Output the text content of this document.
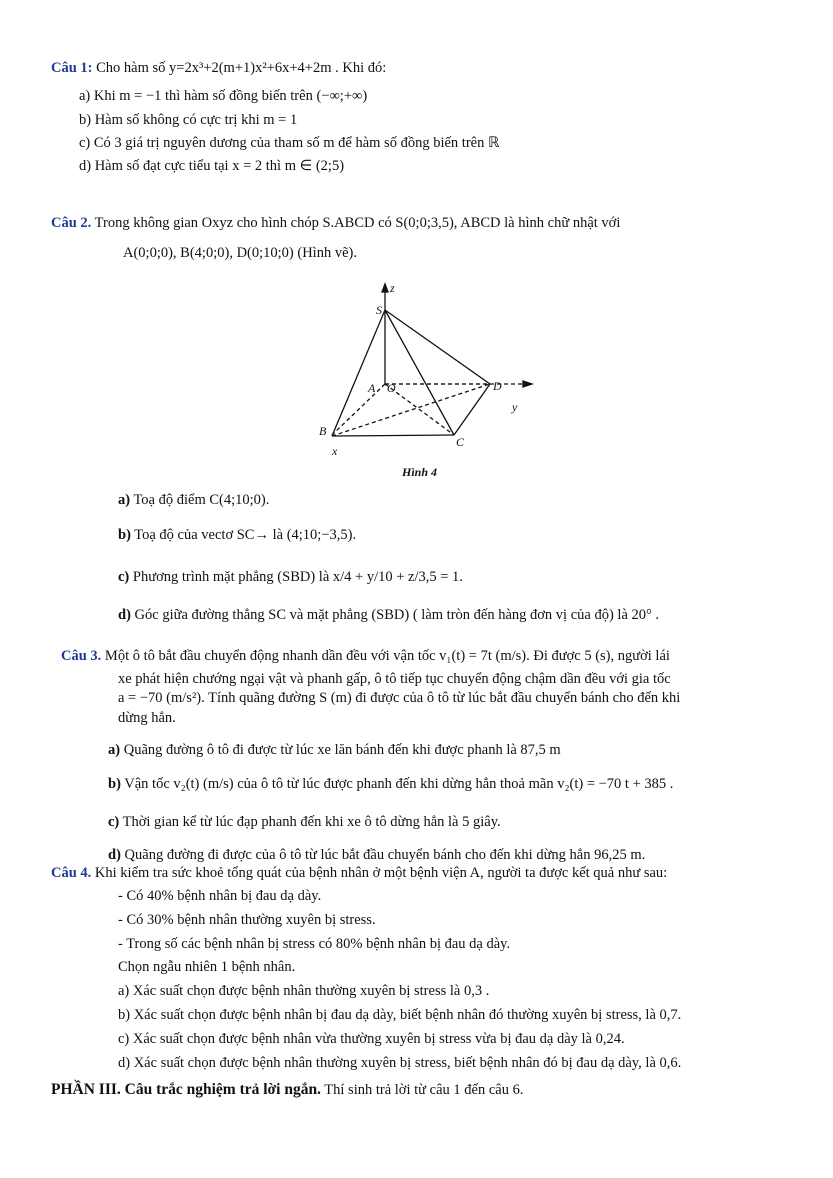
Câu 1: Cho hàm số y=2x³+2(m+1)x²+6x+4+2m . Khi đó:
a) Khi m = −1 thì hàm số đồng biến trên (−∞;+∞)
b) Hàm số không có cực trị khi m = 1
c) Có 3 giá trị nguyên dương của tham số m để hàm số đồng biến trên ℝ
d) Hàm số đạt cực tiểu tại x = 2 thì m ∈ (2;5)
Câu 2. Trong không gian Oxyz cho hình chóp S.ABCD có S(0;0;3,5), ABCD là hình chữ nhật với
A(0;0;0), B(4;0;0), D(0;10;0) (Hình vẽ).
z
S
A O	D
y
B
C
x
Hình 4
a) Toạ độ điểm C(4;10;0).
b) Toạ độ của vectơ SC→ là (4;10;−3,5).
c) Phương trình mặt phẳng (SBD) là x/4 + y/10 + z/3,5 = 1.
d) Góc giữa đường thẳng SC và mặt phẳng (SBD) ( làm tròn đến hàng đơn vị của độ) là 20° .
Câu 3. Một ô tô bắt đầu chuyển động nhanh dần đều với vận tốc v₁(t) = 7t (m/s). Đi được 5 (s), người lái
xe phát hiện chướng ngại vật và phanh gấp, ô tô tiếp tục chuyển động chậm dần đều với gia tốc
a = −70 (m/s²). Tính quãng đường S (m) đi được của ô tô từ lúc bắt đầu chuyển bánh cho đến khi
dừng hẳn.
a) Quãng đường ô tô đi được từ lúc xe lăn bánh đến khi được phanh là 87,5 m
b) Vận tốc v₂(t) (m/s) của ô tô từ lúc được phanh đến khi dừng hẳn thoả mãn v₂(t) = −70 t + 385 .
c) Thời gian kể từ lúc đạp phanh đến khi xe ô tô dừng hẳn là 5 giây.
d) Quãng đường đi được của ô tô từ lúc bắt đầu chuyển bánh cho đến khi dừng hẳn 96,25 m.
Câu 4. Khi kiểm tra sức khoẻ tổng quát của bệnh nhân ở một bệnh viện A, người ta được kết quả như sau:
- Có 40% bệnh nhân bị đau dạ dày.
- Có 30% bệnh nhân thường xuyên bị stress.
- Trong số các bệnh nhân bị stress có 80% bệnh nhân bị đau dạ dày.
Chọn ngẫu nhiên 1 bệnh nhân.
a) Xác suất chọn được bệnh nhân thường xuyên bị stress là 0,3 .
b) Xác suất chọn được bệnh nhân bị đau dạ dày, biết bệnh nhân đó thường xuyên bị stress, là 0,7.
c) Xác suất chọn được bệnh nhân vừa thường xuyên bị stress vừa bị đau dạ dày là 0,24.
d) Xác suất chọn được bệnh nhân thường xuyên bị stress, biết bệnh nhân đó bị đau dạ dày, là 0,6.
PHẦN III. Câu trắc nghiệm trả lời ngắn. Thí sinh trả lời từ câu 1 đến câu 6.
